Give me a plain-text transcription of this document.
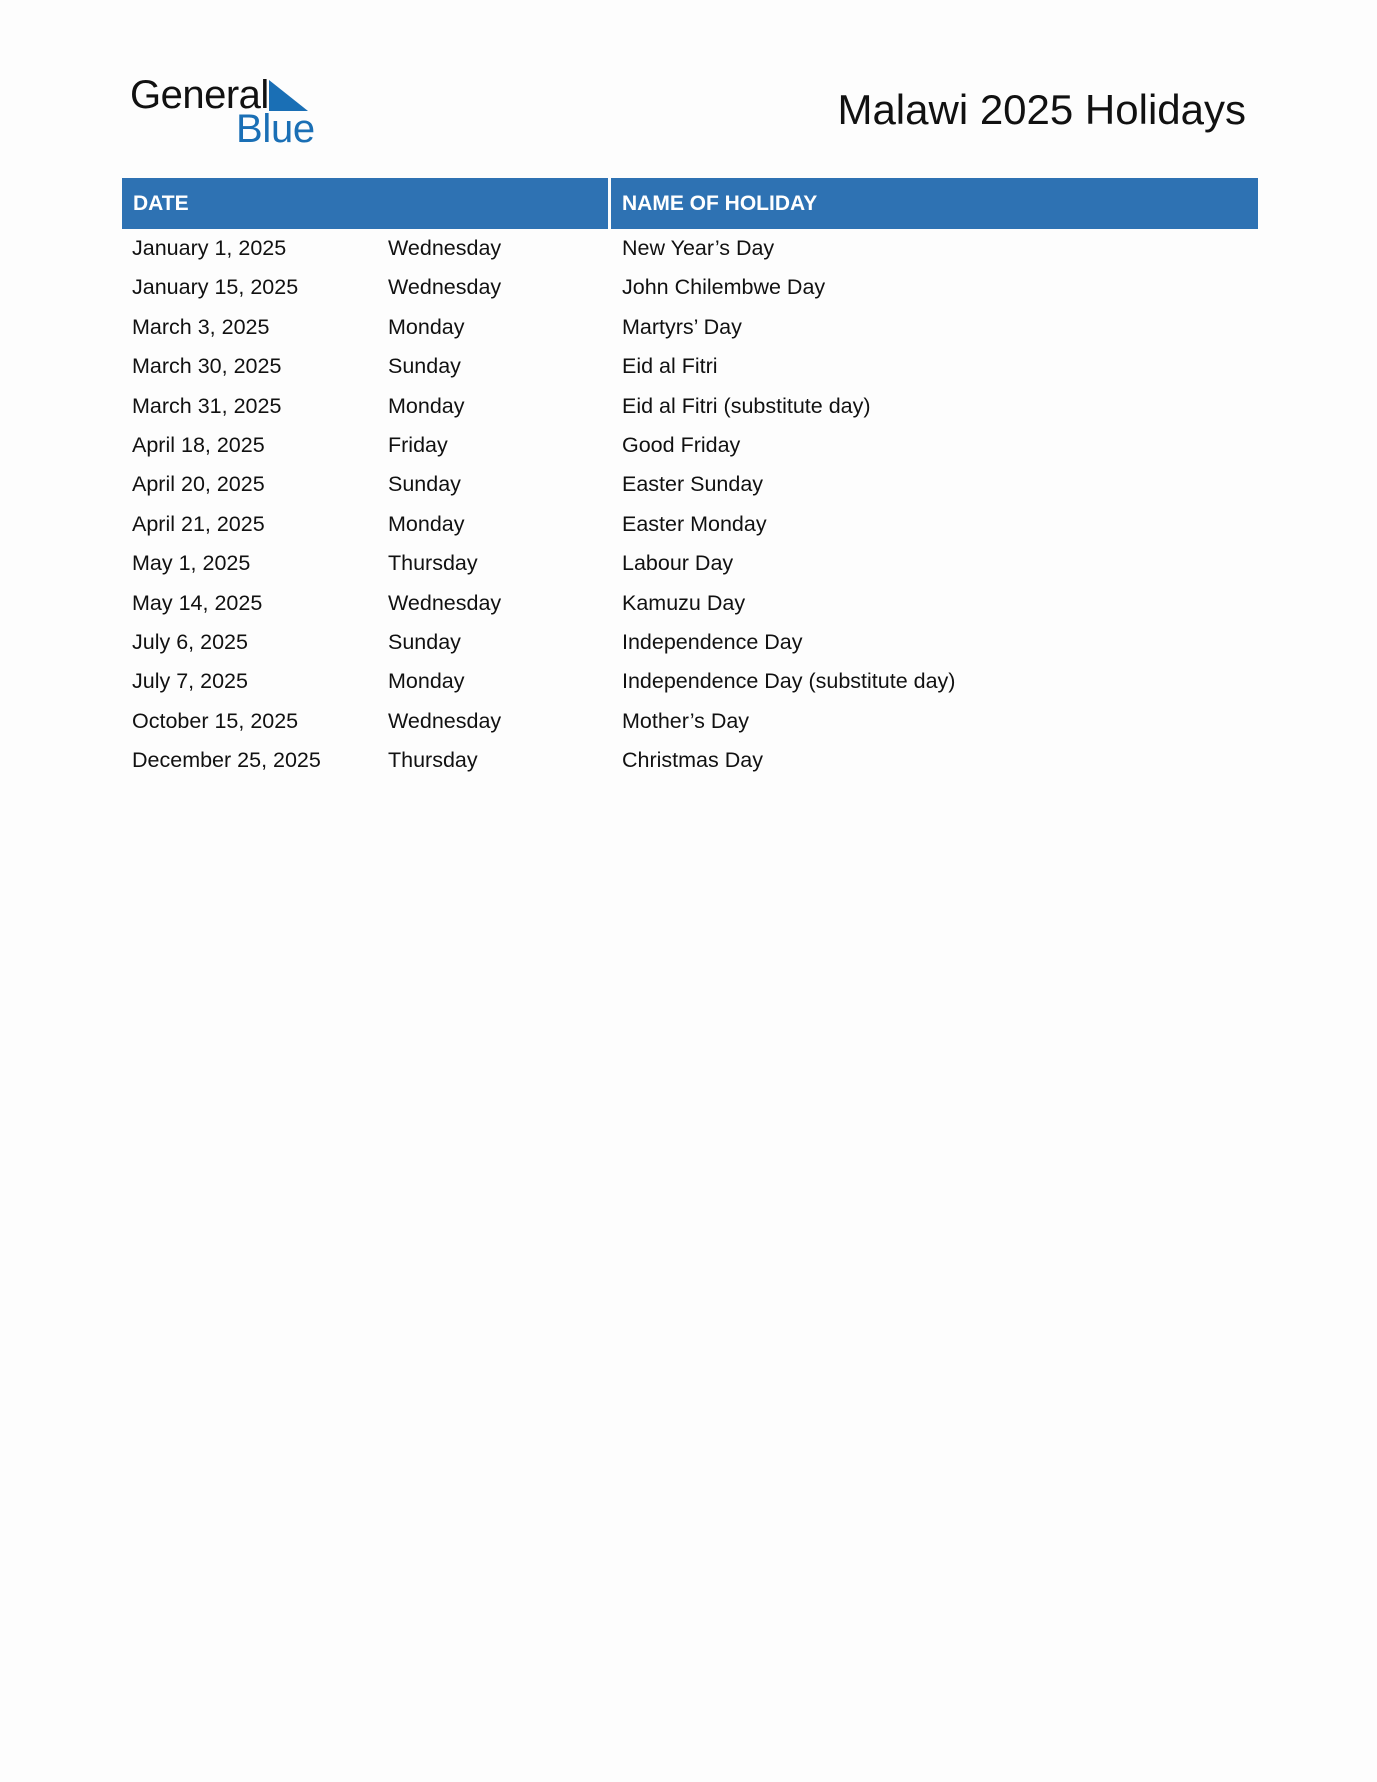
General
Blue	Malawi 2025 Holidays
DATE	NAME OF HOLIDAY
January 1, 2025	Wednesday	New Year’s Day
January 15, 2025	Wednesday	John Chilembwe Day
March 3, 2025	Monday	Martyrs’ Day
March 30, 2025	Sunday	Eid al Fitri
March 31, 2025	Monday	Eid al Fitri (substitute day)
April 18, 2025	Friday	Good Friday
April 20, 2025	Sunday	Easter Sunday
April 21, 2025	Monday	Easter Monday
May 1, 2025	Thursday	Labour Day
May 14, 2025	Wednesday	Kamuzu Day
July 6, 2025	Sunday	Independence Day
July 7, 2025	Monday	Independence Day (substitute day)
October 15, 2025	Wednesday	Mother’s Day
December 25, 2025	Thursday	Christmas Day
